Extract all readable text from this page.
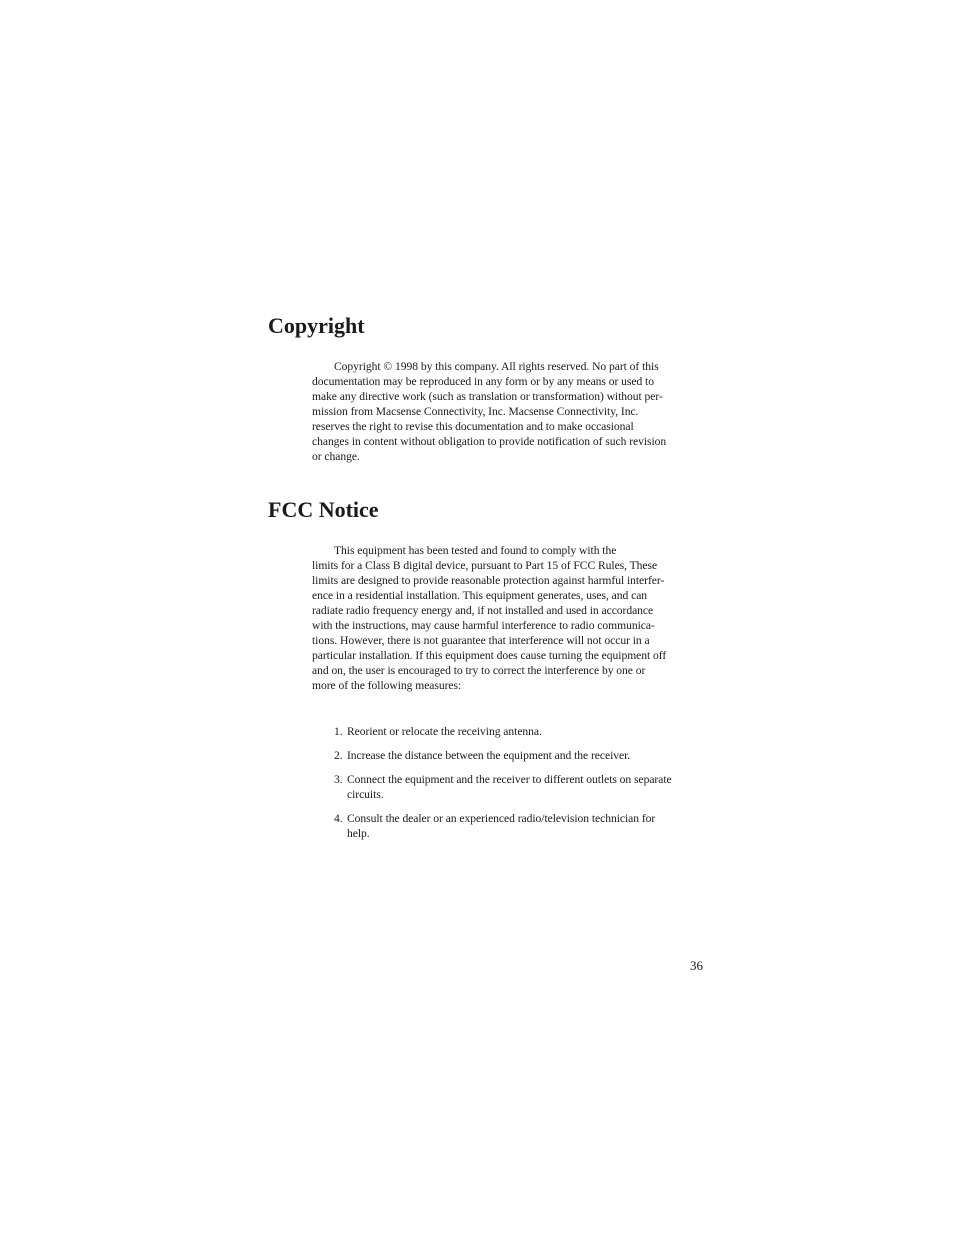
Copyright

Copyright © 1998 by this company. All rights reserved. No part of this
documentation may be reproduced in any form or by any means or used to
make any directive work (such as translation or transformation) without per-
mission from Macsense Connectivity, Inc. Macsense Connectivity, Inc.
reserves the right to revise this documentation and to make occasional
changes in content without obligation to provide notification of such revision
or change.

FCC Notice

This equipment has been tested and found to comply with the
limits for a Class B digital device, pursuant to Part 15 of FCC Rules, These
limits are designed to provide reasonable protection against harmful interfer-
ence in a residential installation. This equipment generates, uses, and can
radiate radio frequency energy and, if not installed and used in accordance
with the instructions, may cause harmful interference to radio communica-
tions. However, there is not guarantee that interference will not occur in a
particular installation. If this equipment does cause turning the equipment off
and on, the user is encouraged to try to correct the interference by one or
more of the following measures:

1. Reorient or relocate the receiving antenna.
2. Increase the distance between the equipment and the receiver.
3. Connect the equipment and the receiver to different outlets on separate
circuits.
4. Consult the dealer or an experienced radio/television technician for
help.
36
